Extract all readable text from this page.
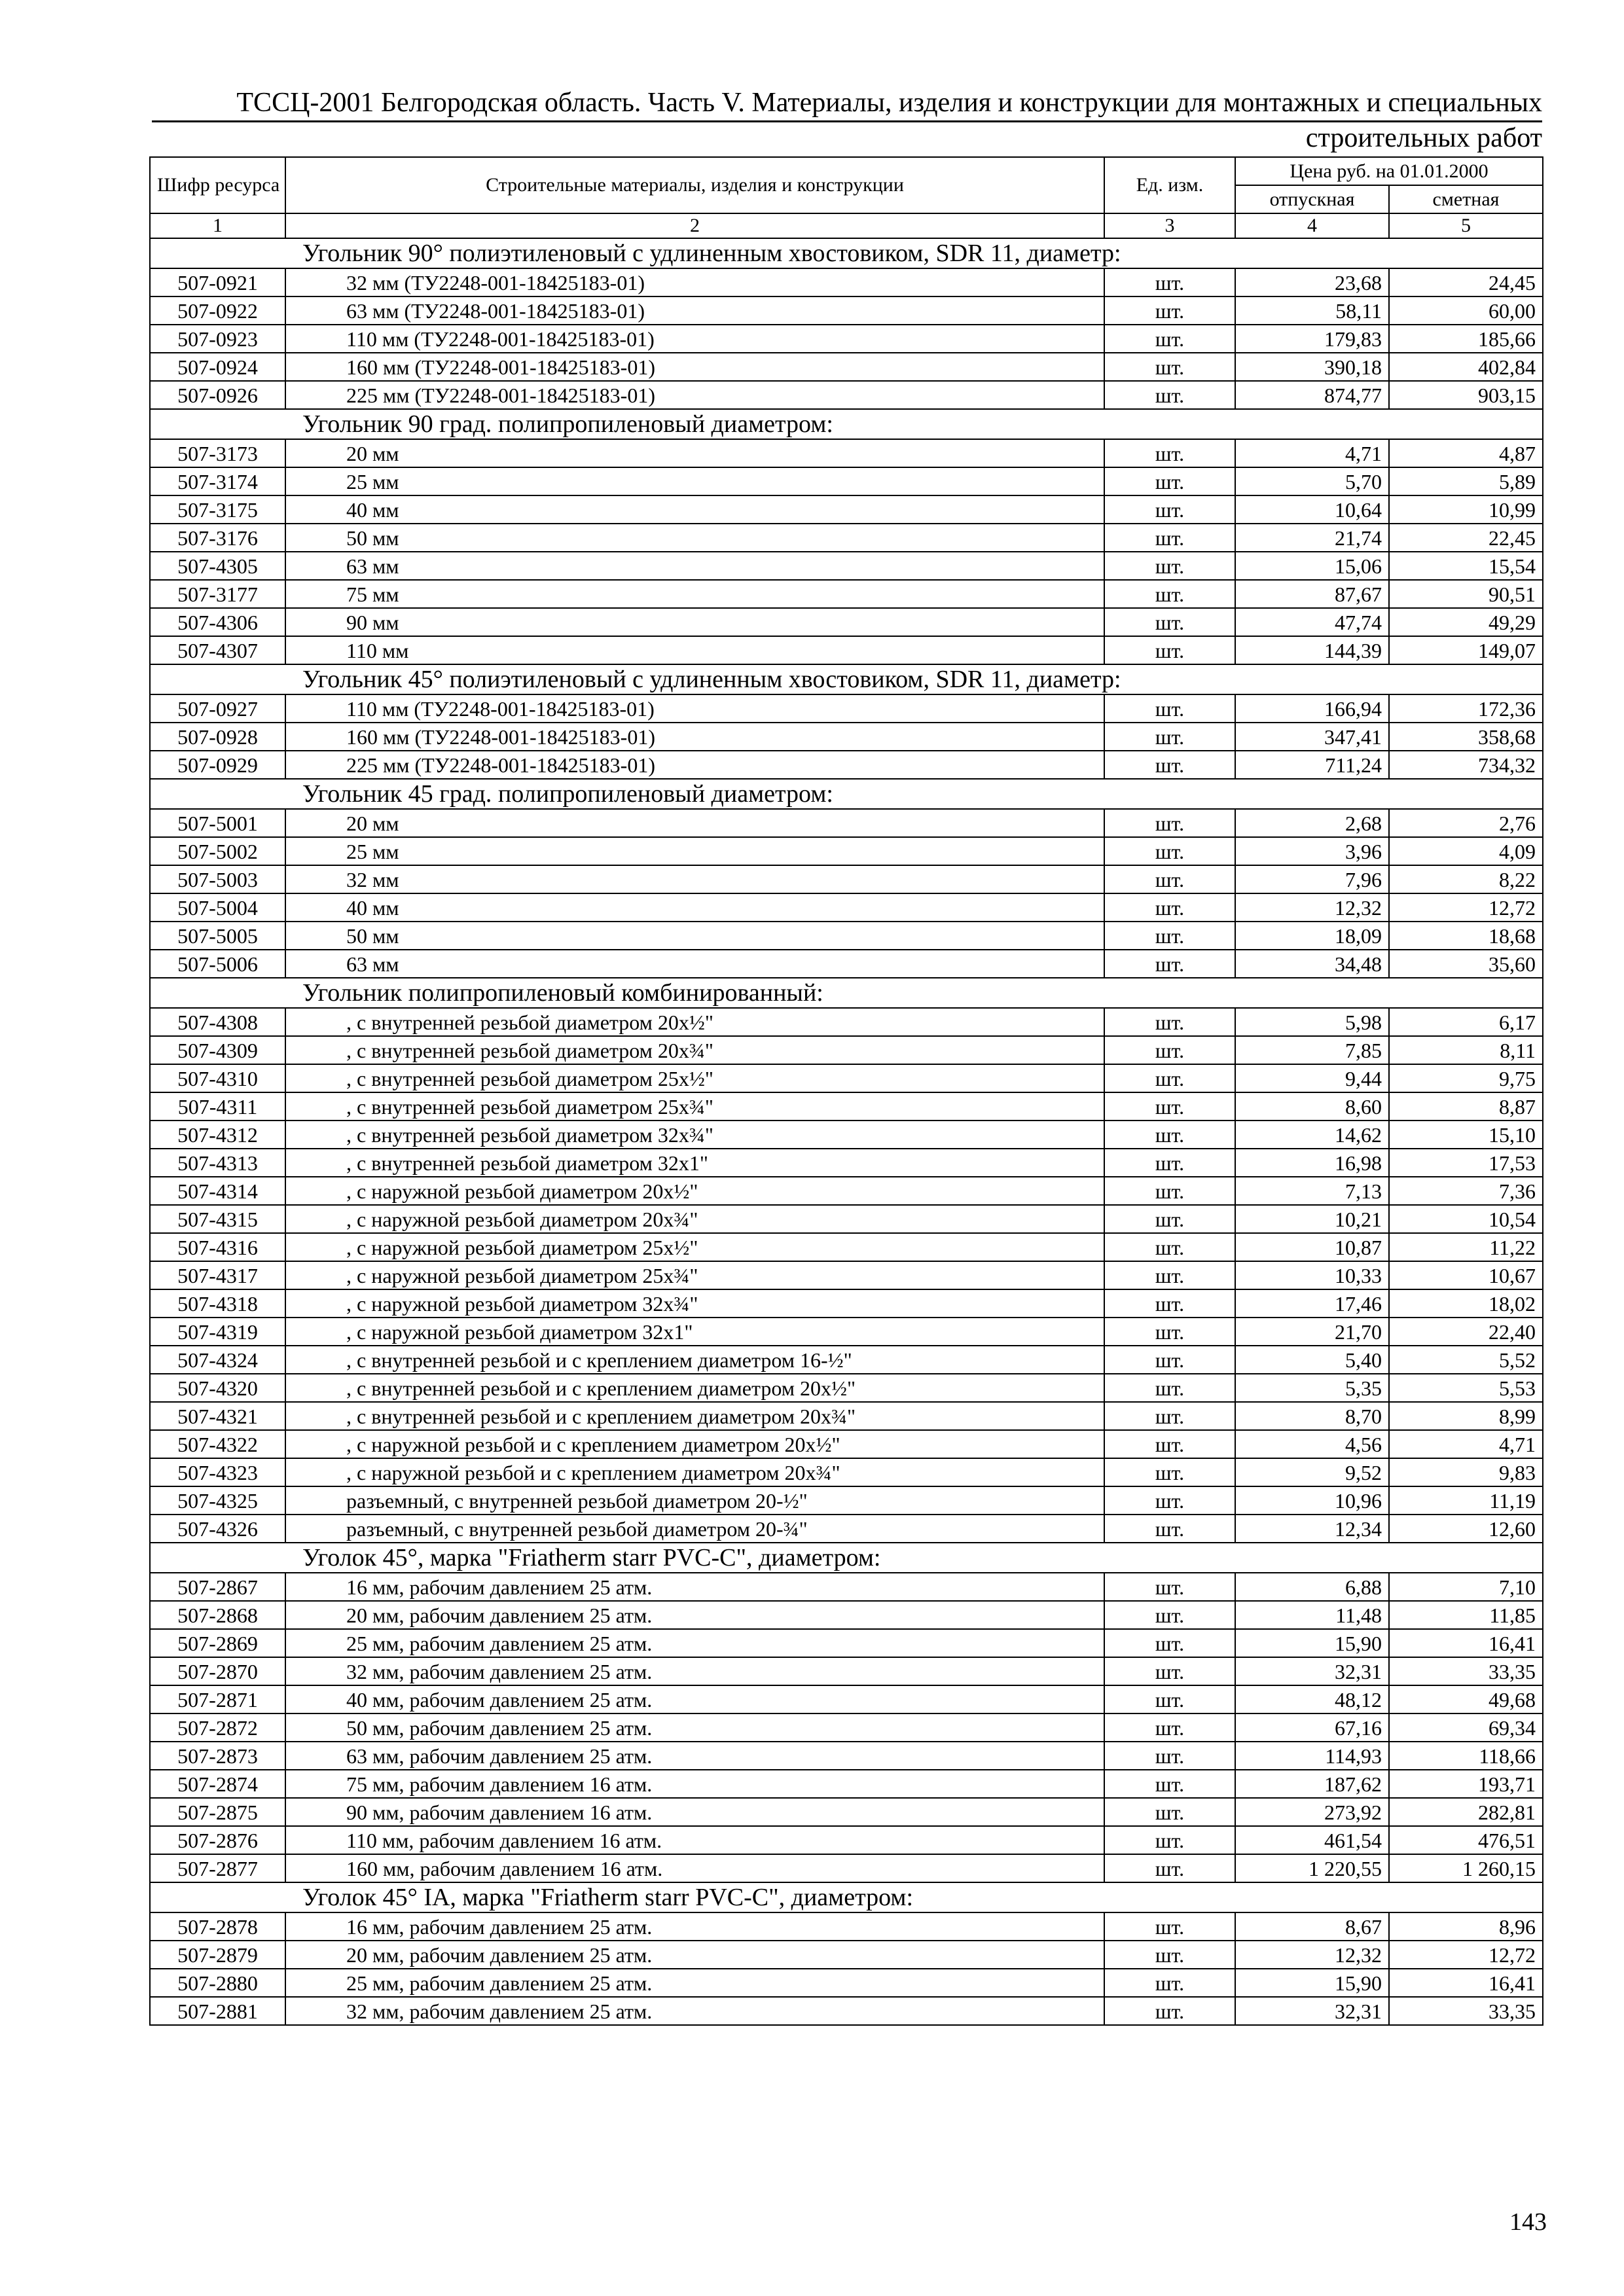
ТССЦ-2001 Белгородская область. Часть V. Материалы, изделия и конструкции для монтажных и специальных
строительных работ
Шифр ресурса	Строительные материалы, изделия и конструкции	Ед. изм.	Цена руб. на 01.01.2000	
			отпускная	сметная
1	2	3	4	5
Угольник 90° полиэтиленовый с удлиненным хвостовиком, SDR 11, диаметр:				
507-0921	32 мм (ТУ2248-001-18425183-01)	шт.	23,68	24,45
507-0922	63 мм (ТУ2248-001-18425183-01)	шт.	58,11	60,00
507-0923	110 мм (ТУ2248-001-18425183-01)	шт.	179,83	185,66
507-0924	160 мм (ТУ2248-001-18425183-01)	шт.	390,18	402,84
507-0926	225 мм (ТУ2248-001-18425183-01)	шт.	874,77	903,15
Угольник 90 град. полипропиленовый диаметром:				
507-3173	20 мм	шт.	4,71	4,87
507-3174	25 мм	шт.	5,70	5,89
507-3175	40 мм	шт.	10,64	10,99
507-3176	50 мм	шт.	21,74	22,45
507-4305	63 мм	шт.	15,06	15,54
507-3177	75 мм	шт.	87,67	90,51
507-4306	90 мм	шт.	47,74	49,29
507-4307	110 мм	шт.	144,39	149,07
Угольник 45° полиэтиленовый с удлиненным хвостовиком, SDR 11, диаметр:				
507-0927	110 мм (ТУ2248-001-18425183-01)	шт.	166,94	172,36
507-0928	160 мм (ТУ2248-001-18425183-01)	шт.	347,41	358,68
507-0929	225 мм (ТУ2248-001-18425183-01)	шт.	711,24	734,32
Угольник 45 град. полипропиленовый диаметром:				
507-5001	20 мм	шт.	2,68	2,76
507-5002	25 мм	шт.	3,96	4,09
507-5003	32 мм	шт.	7,96	8,22
507-5004	40 мм	шт.	12,32	12,72
507-5005	50 мм	шт.	18,09	18,68
507-5006	63 мм	шт.	34,48	35,60
Угольник полипропиленовый комбинированный:				
507-4308	, с внутренней резьбой диаметром 20х½"	шт.	5,98	6,17
507-4309	, с внутренней резьбой диаметром 20х¾"	шт.	7,85	8,11
507-4310	, с внутренней резьбой диаметром 25х½"	шт.	9,44	9,75
507-4311	, с внутренней резьбой диаметром 25х¾"	шт.	8,60	8,87
507-4312	, с внутренней резьбой диаметром 32х¾"	шт.	14,62	15,10
507-4313	, с внутренней резьбой диаметром 32х1"	шт.	16,98	17,53
507-4314	, с наружной резьбой диаметром 20х½"	шт.	7,13	7,36
507-4315	, с наружной резьбой диаметром 20х¾"	шт.	10,21	10,54
507-4316	, с наружной резьбой диаметром 25х½"	шт.	10,87	11,22
507-4317	, с наружной резьбой диаметром 25х¾"	шт.	10,33	10,67
507-4318	, с наружной резьбой диаметром 32х¾"	шт.	17,46	18,02
507-4319	, с наружной резьбой диаметром 32х1"	шт.	21,70	22,40
507-4324	, с внутренней резьбой и с креплением диаметром 16-½"	шт.	5,40	5,52
507-4320	, с внутренней резьбой и с креплением диаметром 20х½"	шт.	5,35	5,53
507-4321	, с внутренней резьбой и с креплением диаметром 20х¾"	шт.	8,70	8,99
507-4322	, с наружной резьбой и с креплением диаметром 20х½"	шт.	4,56	4,71
507-4323	, с наружной резьбой и с креплением диаметром 20х¾"	шт.	9,52	9,83
507-4325	разъемный, с внутренней резьбой диаметром 20-½"	шт.	10,96	11,19
507-4326	разъемный, с внутренней резьбой диаметром 20-¾"	шт.	12,34	12,60
Уголок 45°, марка "Friatherm starr PVC-C", диаметром:				
507-2867	16 мм, рабочим давлением 25 атм.	шт.	6,88	7,10
507-2868	20 мм, рабочим давлением 25 атм.	шт.	11,48	11,85
507-2869	25 мм, рабочим давлением 25 атм.	шт.	15,90	16,41
507-2870	32 мм, рабочим давлением 25 атм.	шт.	32,31	33,35
507-2871	40 мм, рабочим давлением 25 атм.	шт.	48,12	49,68
507-2872	50 мм, рабочим давлением 25 атм.	шт.	67,16	69,34
507-2873	63 мм, рабочим давлением 25 атм.	шт.	114,93	118,66
507-2874	75 мм, рабочим давлением 16 атм.	шт.	187,62	193,71
507-2875	90 мм, рабочим давлением 16 атм.	шт.	273,92	282,81
507-2876	110 мм, рабочим давлением 16 атм.	шт.	461,54	476,51
507-2877	160 мм, рабочим давлением 16 атм.	шт.	1 220,55	1 260,15
Уголок 45° IA, марка "Friatherm starr PVC-C", диаметром:				
507-2878	16 мм, рабочим давлением 25 атм.	шт.	8,67	8,96
507-2879	20 мм, рабочим давлением 25 атм.	шт.	12,32	12,72
507-2880	25 мм, рабочим давлением 25 атм.	шт.	15,90	16,41
507-2881	32 мм, рабочим давлением 25 атм.	шт.	32,31	33,35
143
